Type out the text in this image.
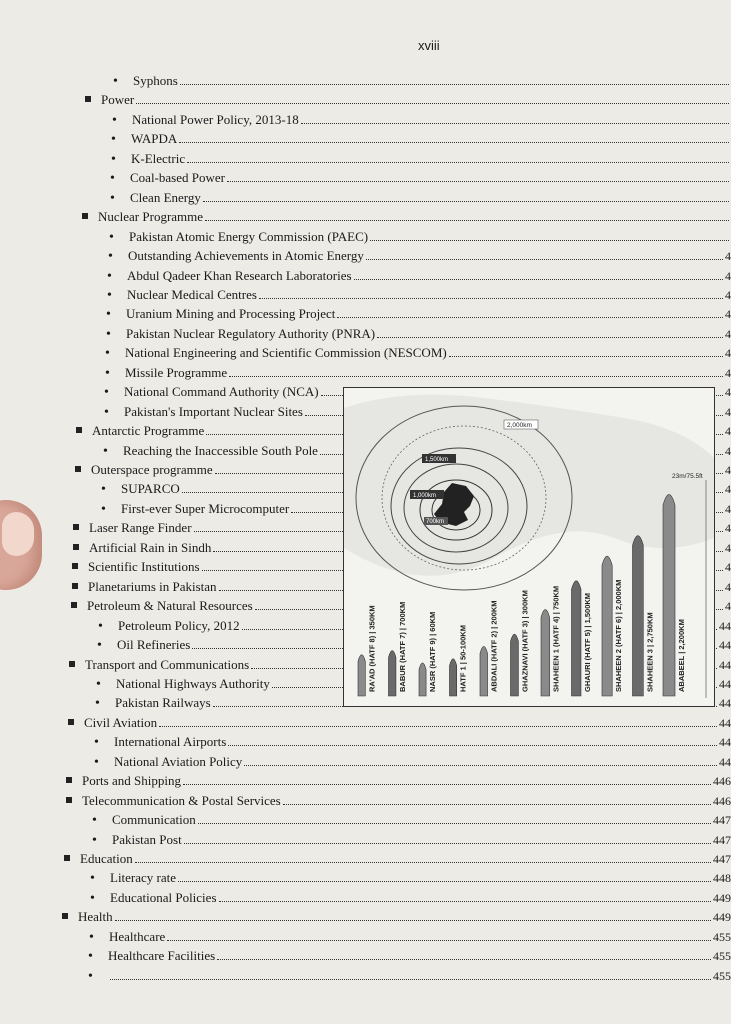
xviii
•	Syphons
Power
•	National Power Policy, 2013-18
•	WAPDA
•	K-Electric
•	Coal-based Power
•	Clean Energy
Nuclear Programme
•	Pakistan Atomic Energy Commission (PAEC)
•	Outstanding Achievements in Atomic Energy	4
•	Abdul Qadeer Khan Research Laboratories	4
•	Nuclear Medical Centres	4
•	Uranium Mining and Processing Project	4
•	Pakistan Nuclear Regulatory Authority (PNRA)	4
•	National Engineering and Scientific Commission (NESCOM)	4
•	Missile Programme	4
•	National Command Authority (NCA)	4
•	Pakistan's Important Nuclear Sites	4
Antarctic Programme	4
•	Reaching the Inaccessible South Pole	4
Outerspace programme	4
•	SUPARCO	4
•	First-ever Super Microcomputer	4
Laser Range Finder	4
Artificial Rain in Sindh	4
Scientific Institutions	4
Planetariums in Pakistan	4
Petroleum & Natural Resources	4
•	Petroleum Policy, 2012	44
•	Oil Refineries	44
Transport and Communications	44
•	National Highways Authority	44
•	Pakistan Railways	44
Civil Aviation	44
•	International Airports	44
•	National Aviation Policy	44
Ports and Shipping	446
Telecommunication & Postal Services	446
•	Communication	447
•	Pakistan Post	447
Education	447
•	Literacy rate	448
•	Educational Policies	449
Health	449
•	Healthcare	455
•	Healthcare Facilities	455
•	455
2,000km
1,500km
1,000km
700km
23m/75.5ft
RA'AD (HATF 8) | 350KM	BABUR (HATF 7) | 700KM	NASR (HATF 9) | 60KM	HATF 1 | 50-100KM	ABDALI (HATF 2) | 200KM	GHAZNAVI (HATF 3) | 300KM	SHAHEEN 1 (HATF 4) | 750KM	GHAURI (HATF 5) | 1,500KM	SHAHEEN 2 (HATF 6) | 2,000KM	SHAHEEN 3 | 2,750KM	ABABEEL | 2,200KM
